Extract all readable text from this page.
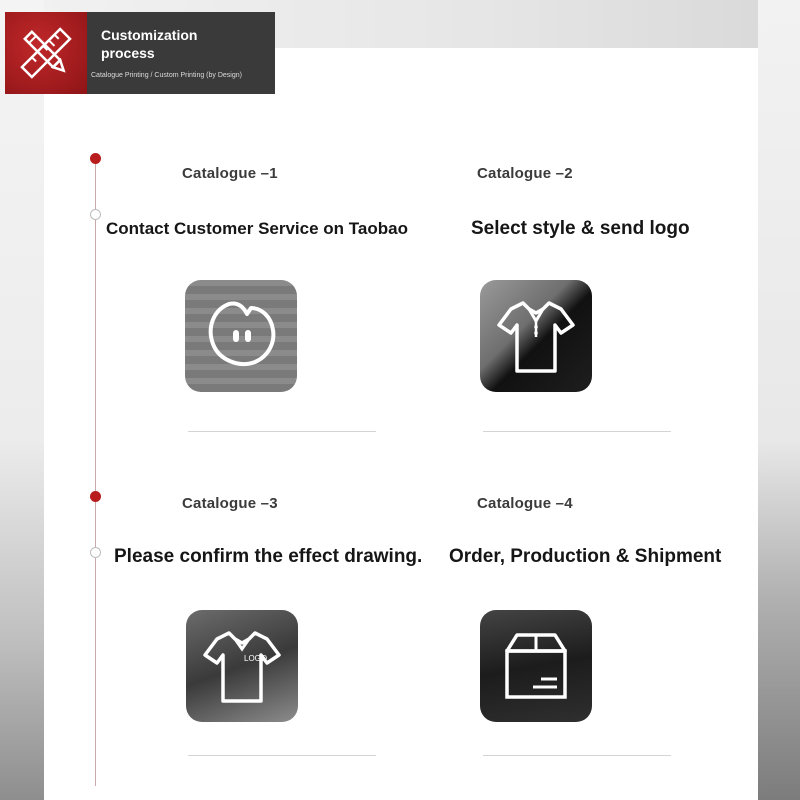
Customization process
Catalogue Printing / Custom Printing (by Design)
Catalogue –1
Contact Customer Service on Taobao
Catalogue –2
Select style & send logo
Catalogue –3
Please confirm the effect drawing.
LOGO
Catalogue –4
Order, Production & Shipment
